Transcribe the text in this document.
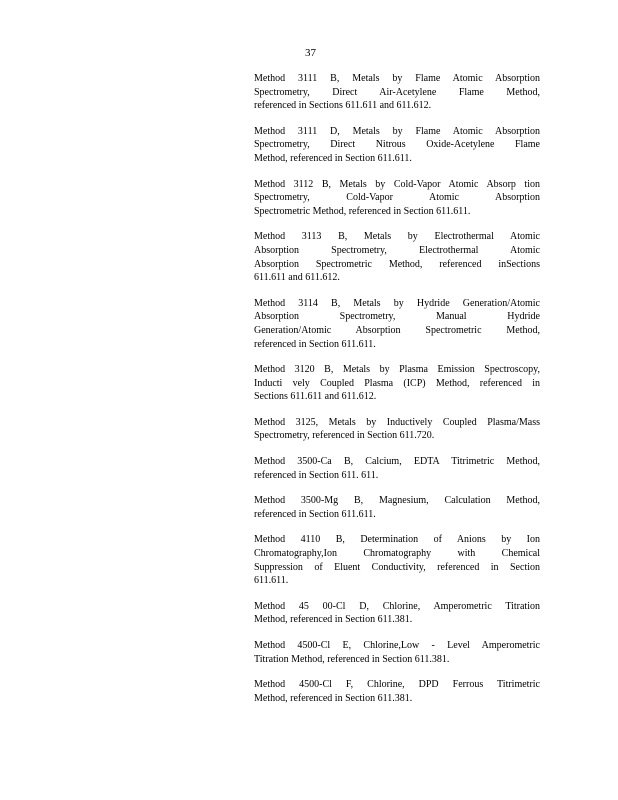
37
Method 3111 B, Metals by Flame Atomic Absorption
Spectrometry, Direct Air-Acetylene Flame Method,
referenced in Sections 611.611 and 611.612.
Method 3111 D, Metals by Flame Atomic Absorption
Spectrometry, Direct Nitrous Oxide-Acetylene Flame
Method, referenced in Section 611.611.
Method 3112 B, Metals by Cold-Vapor Atomic Absorp tion
Spectrometry, Cold-Vapor Atomic Absorption
Spectrometric Method, referenced in Section 611.611.
Method 3113 B, Metals by Electrothermal Atomic
Absorption Spectrometry, Electrothermal Atomic
Absorption Spectrometric Method, referenced inSections
611.611 and 611.612.
Method 3114 B, Metals by Hydride Generation/Atomic
Absorption Spectrometry, Manual Hydride
Generation/Atomic Absorption Spectrometric Method,
referenced in Section 611.611.
Method 3120 B, Metals by Plasma Emission Spectroscopy,
Inducti vely Coupled Plasma (ICP) Method, referenced in
Sections 611.611 and 611.612.
Method 3125, Metals by Inductively Coupled Plasma/Mass
Spectrometry, referenced in Section 611.720.
Method 3500-Ca B, Calcium, EDTA Titrimetric Method,
referenced in Section 611. 611.
Method 3500-Mg B, Magnesium, Calculation Method,
referenced in Section 611.611.
Method 4110 B, Determination of Anions by Ion
Chromatography,Ion Chromatography with Chemical
Suppression of Eluent Conductivity, referenced in Section
611.611.
Method 45 00-Cl D, Chlorine, Amperometric Titration
Method, referenced in Section 611.381.
Method 4500-Cl E, Chlorine,Low - Level Amperometric
Titration Method, referenced in Section 611.381.
Method 4500-Cl F, Chlorine, DPD Ferrous Titrimetric
Method, referenced in Section 611.381.
